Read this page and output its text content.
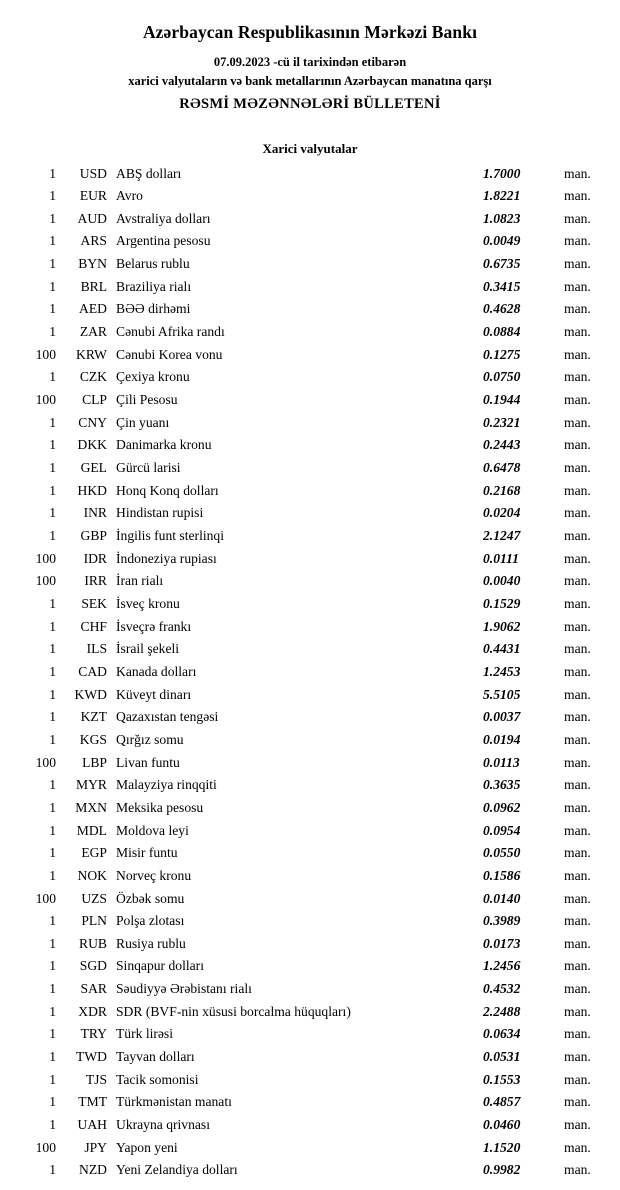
Azərbaycan Respublikasının Mərkəzi Bankı
07.09.2023 -cü il tarixindən etibarən
xarici valyutaların və bank metallarının Azərbaycan manatına qarşı
RƏSMİ MƏZƏNNƏLƏRİ BÜLLETENİ
Xarici valyutalar
1	USD	ABŞ dolları	1.7000	man.
1	EUR	Avro	1.8221	man.
1	AUD	Avstraliya dolları	1.0823	man.
1	ARS	Argentina pesosu	0.0049	man.
1	BYN	Belarus rublu	0.6735	man.
1	BRL	Braziliya rialı	0.3415	man.
1	AED	BƏƏ dirhəmi	0.4628	man.
1	ZAR	Cənubi Afrika randı	0.0884	man.
100	KRW	Cənubi Korea vonu	0.1275	man.
1	CZK	Çexiya kronu	0.0750	man.
100	CLP	Çili Pesosu	0.1944	man.
1	CNY	Çin yuanı	0.2321	man.
1	DKK	Danimarka kronu	0.2443	man.
1	GEL	Gürcü larisi	0.6478	man.
1	HKD	Honq Konq dolları	0.2168	man.
1	INR	Hindistan rupisi	0.0204	man.
1	GBP	İngilis funt sterlinqi	2.1247	man.
100	IDR	İndoneziya rupiası	0.0111	man.
100	IRR	İran rialı	0.0040	man.
1	SEK	İsveç kronu	0.1529	man.
1	CHF	İsveçrə frankı	1.9062	man.
1	ILS	İsrail şekeli	0.4431	man.
1	CAD	Kanada dolları	1.2453	man.
1	KWD	Küveyt dinarı	5.5105	man.
1	KZT	Qazaxıstan tengəsi	0.0037	man.
1	KGS	Qırğız somu	0.0194	man.
100	LBP	Livan funtu	0.0113	man.
1	MYR	Malayziya rinqqiti	0.3635	man.
1	MXN	Meksika pesosu	0.0962	man.
1	MDL	Moldova leyi	0.0954	man.
1	EGP	Misir funtu	0.0550	man.
1	NOK	Norveç kronu	0.1586	man.
100	UZS	Özbək somu	0.0140	man.
1	PLN	Polşa zlotası	0.3989	man.
1	RUB	Rusiya rublu	0.0173	man.
1	SGD	Sinqapur dolları	1.2456	man.
1	SAR	Səudiyyə Ərəbistanı rialı	0.4532	man.
1	XDR	SDR (BVF-nin xüsusi borcalma hüquqları)	2.2488	man.
1	TRY	Türk lirəsi	0.0634	man.
1	TWD	Tayvan dolları	0.0531	man.
1	TJS	Tacik somonisi	0.1553	man.
1	TMT	Türkmənistan manatı	0.4857	man.
1	UAH	Ukrayna qrivnası	0.0460	man.
100	JPY	Yapon yeni	1.1520	man.
1	NZD	Yeni Zelandiya dolları	0.9982	man.
